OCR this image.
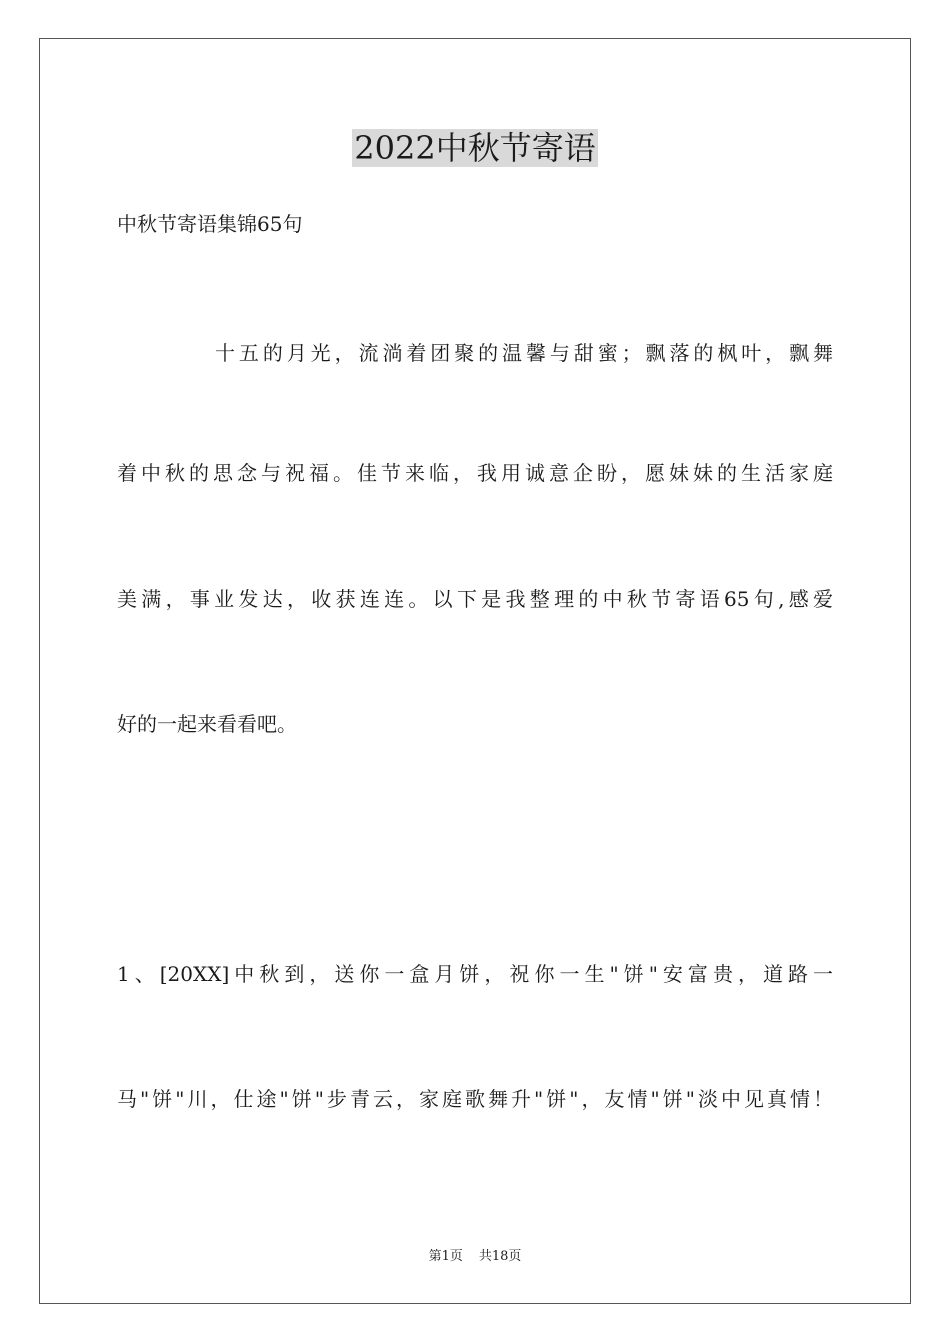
2022中秋节寄语
中秋节寄语集锦65句
十五的月光，流淌着团聚的温馨与甜蜜；飘落的枫叶，飘舞
着中秋的思念与祝福。佳节来临，我用诚意企盼，愿妹妹的生活家庭
美满，事业发达，收获连连。以下是我整理的中秋节寄语65句,感爱
好的一起来看看吧。
1、[20XX]中秋到，送你一盒月饼，祝你一生"饼"安富贵，道路一
马"饼"川，仕途"饼"步青云，家庭歌舞升"饼"，友情"饼"淡中见真情！
第1页 共18页
